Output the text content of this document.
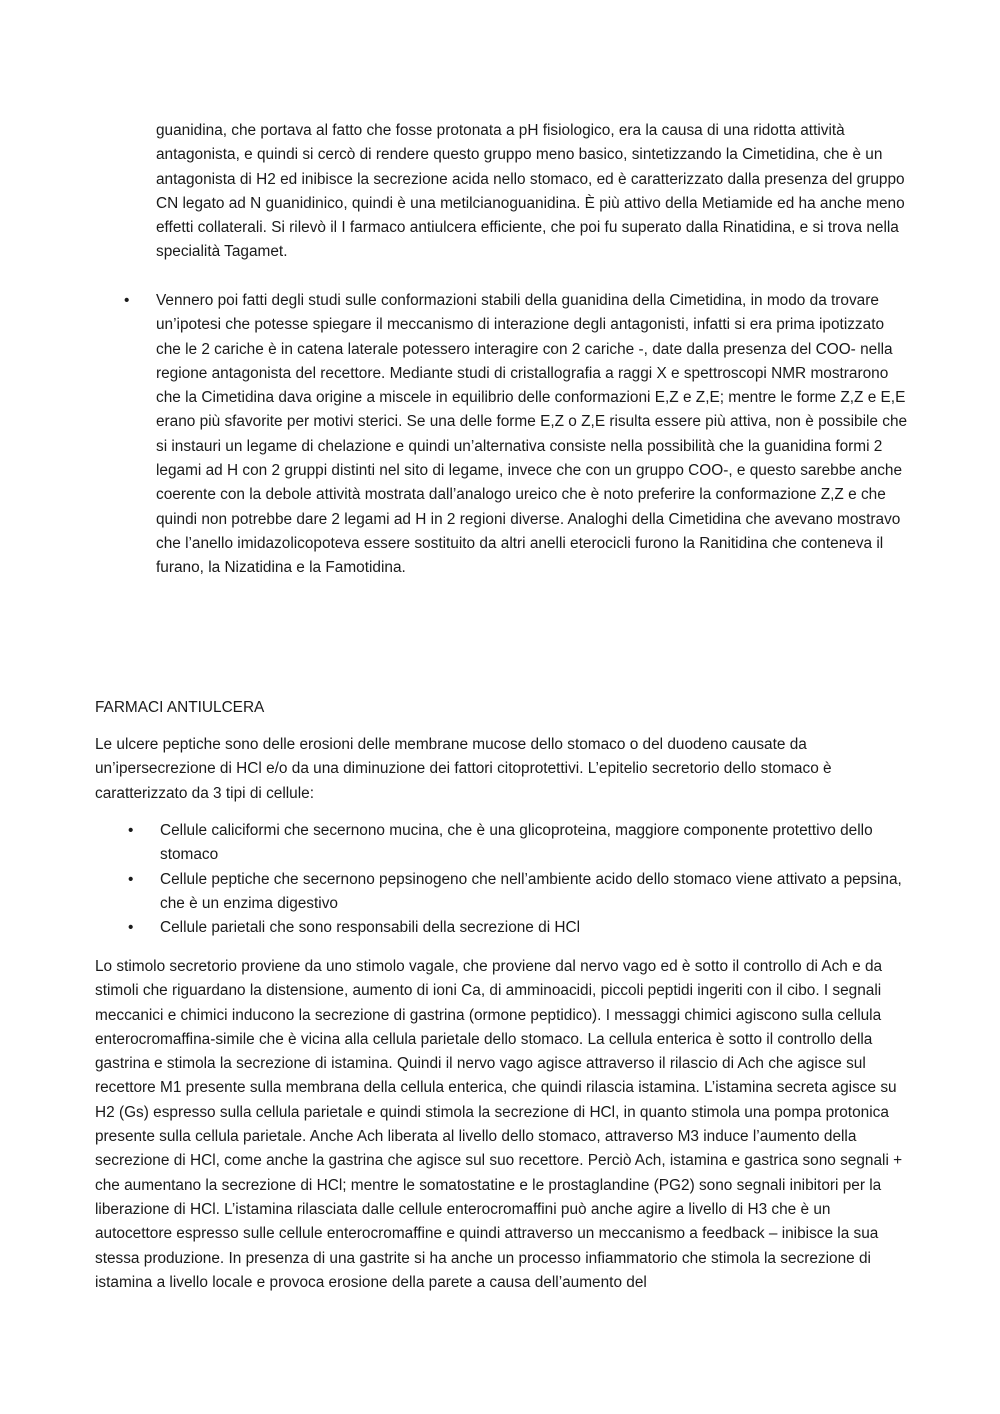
guanidina, che portava al fatto che fosse protonata a pH fisiologico, era la causa di una ridotta attività antagonista, e quindi si cercò di rendere questo gruppo meno basico, sintetizzando la Cimetidina, che è un antagonista di H2 ed inibisce la secrezione acida nello stomaco, ed è caratterizzato dalla presenza del gruppo CN legato ad N guanidinico, quindi è una metilcianoguanidina. È più attivo della Metiamide ed ha anche meno effetti collaterali. Si rilevò il I farmaco antiulcera efficiente, che poi fu superato dalla Rinatidina, e si trova nella specialità Tagamet.

• Vennero poi fatti degli studi sulle conformazioni stabili della guanidina della Cimetidina, in modo da trovare un’ipotesi che potesse spiegare il meccanismo di interazione degli antagonisti, infatti si era prima ipotizzato che le 2 cariche è in catena laterale potessero interagire con 2 cariche -, date dalla presenza del COO- nella regione antagonista del recettore. Mediante studi di cristallografia a raggi X e spettroscopi NMR mostrarono che la Cimetidina dava origine a miscele in equilibrio delle conformazioni E,Z e Z,E; mentre le forme Z,Z e E,E erano più sfavorite per motivi sterici. Se una delle forme E,Z o Z,E risulta essere più attiva, non è possibile che si instauri un legame di chelazione e quindi un’alternativa consiste nella possibilità che la guanidina formi 2 legami ad H con 2 gruppi distinti nel sito di legame, invece che con un gruppo COO-, e questo sarebbe anche coerente con la debole attività mostrata dall’analogo ureico che è noto preferire la conformazione Z,Z e che quindi non potrebbe dare 2 legami ad H in 2 regioni diverse. Analoghi della Cimetidina che avevano mostravo che l’anello imidazolicopoteva essere sostituito da altri anelli eterocicli furono la Ranitidina che conteneva il furano, la Nizatidina e la Famotidina.

FARMACI ANTIULCERA

Le ulcere peptiche sono delle erosioni delle membrane mucose dello stomaco o del duodeno causate da un’ipersecrezione di HCl e/o da una diminuzione dei fattori citoprotettivi. L’epitelio secretorio dello stomaco è caratterizzato da 3 tipi di cellule:

• Cellule caliciformi che secernono mucina, che è una glicoproteina, maggiore componente protettivo dello stomaco
• Cellule peptiche che secernono pepsinogeno che nell’ambiente acido dello stomaco viene attivato a pepsina, che è un enzima digestivo
• Cellule parietali che sono responsabili della secrezione di HCl

Lo stimolo secretorio proviene da uno stimolo vagale, che proviene dal nervo vago ed è sotto il controllo di Ach e da stimoli che riguardano la distensione, aumento di ioni Ca, di amminoacidi, piccoli peptidi ingeriti con il cibo. I segnali meccanici e chimici inducono la secrezione di gastrina (ormone peptidico). I messaggi chimici agiscono sulla cellula enterocromaffina-simile che è vicina alla cellula parietale dello stomaco. La cellula enterica è sotto il controllo della gastrina e stimola la secrezione di istamina. Quindi il nervo vago agisce attraverso il rilascio di Ach che agisce sul recettore M1 presente sulla membrana della cellula enterica, che quindi rilascia istamina. L’istamina secreta agisce su H2 (Gs) espresso sulla cellula parietale e quindi stimola la secrezione di HCl, in quanto stimola una pompa protonica presente sulla cellula parietale. Anche Ach liberata al livello dello stomaco, attraverso M3 induce l’aumento della secrezione di HCl, come anche la gastrina che agisce sul suo recettore. Perciò Ach, istamina e gastrica sono segnali + che aumentano la secrezione di HCl; mentre le somatostatine e le prostaglandine (PG2) sono segnali inibitori per la liberazione di HCl. L’istamina rilasciata dalle cellule enterocromaffini può anche agire a livello di H3 che è un autocettore espresso sulle cellule enterocromaffine e quindi attraverso un meccanismo a feedback – inibisce la sua stessa produzione. In presenza di una gastrite si ha anche un processo infiammatorio che stimola la secrezione di istamina a livello locale e provoca erosione della parete a causa dell’aumento del
